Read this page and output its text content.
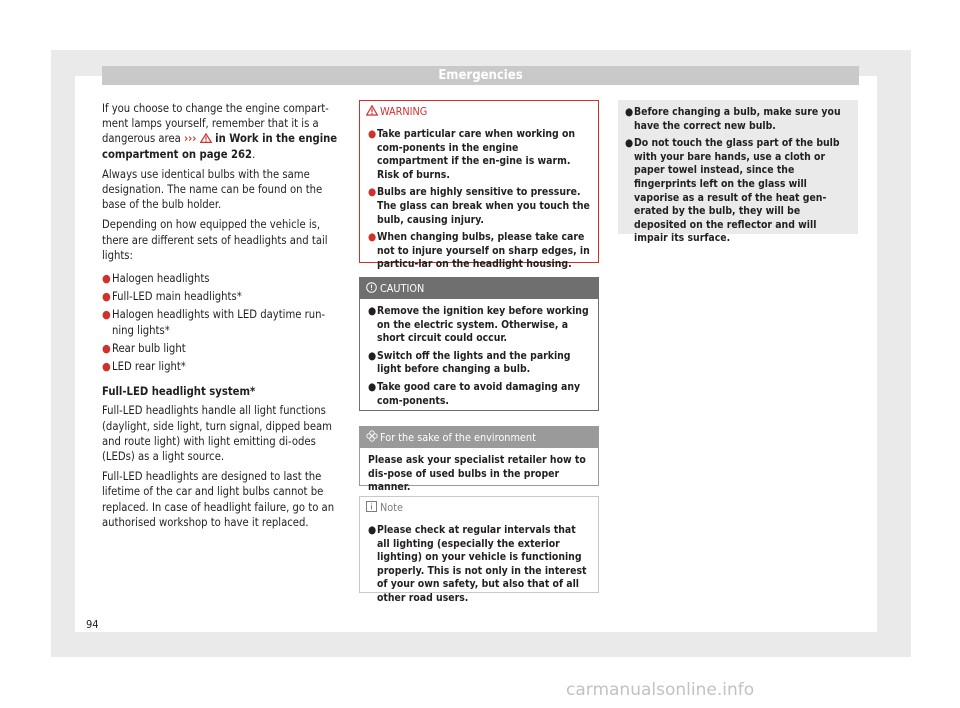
Emergencies

If you choose to change the engine compart-ment lamps yourself, remember that it is a dangerous area ›››  in Work in the engine compartment on page 262.

Always use identical bulbs with the same designation. The name can be found on the base of the bulb holder.

Depending on how equipped the vehicle is, there are different sets of headlights and tail lights:

● Halogen headlights
● Full-LED main headlights*
● Halogen headlights with LED daytime run-ning lights*
● Rear bulb light
● LED rear light*
Full-LED headlight system*

Full-LED headlights handle all light functions (daylight, side light, turn signal, dipped beam and route light) with light emitting di-odes (LEDs) as a light source.

Full-LED headlights are designed to last the lifetime of the car and light bulbs cannot be replaced. In case of headlight failure, go to an authorised workshop to have it replaced.

WARNING
● Take particular care when working on com-ponents in the engine compartment if the en-gine is warm. Risk of burns.
● Bulbs are highly sensitive to pressure. The glass can break when you touch the bulb, causing injury.
● When changing bulbs, please take care not to injure yourself on sharp edges, in particu-lar on the headlight housing.
CAUTION
● Remove the ignition key before working on the electric system. Otherwise, a short circuit could occur.
● Switch off the lights and the parking light before changing a bulb.
● Take good care to avoid damaging any com-ponents.
For the sake of the environment
Please ask your specialist retailer how to dis-pose of used bulbs in the proper manner.
Note
● Please check at regular intervals that all lighting (especially the exterior lighting) on your vehicle is functioning properly. This is not only in the interest of your own safety, but also that of all other road users.
● Before changing a bulb, make sure you have the correct new bulb.
● Do not touch the glass part of the bulb with your bare hands, use a cloth or paper towel instead, since the fingerprints left on the glass will vaporise as a result of the heat gen-erated by the bulb, they will be deposited on the reflector and will impair its surface.
94
carmanualsonline.info
